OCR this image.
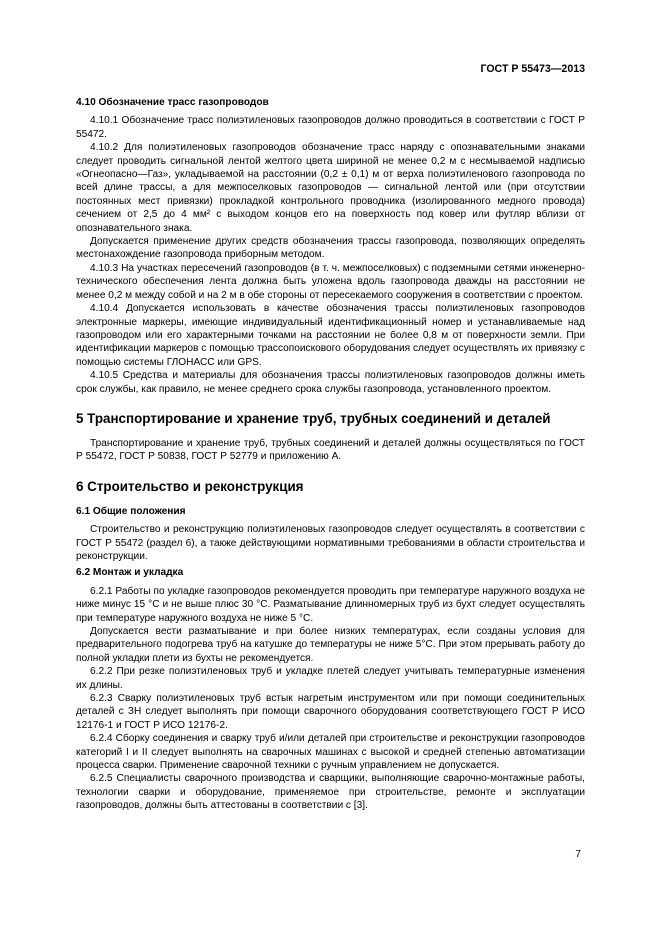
ГОСТ Р 55473—2013
4.10 Обозначение трасс газопроводов

4.10.1 Обозначение трасс полиэтиленовых газопроводов должно проводиться в соответствии с ГОСТ Р 55472.

4.10.2 Для полиэтиленовых газопроводов обозначение трасс наряду с опознавательными знаками следует проводить сигнальной лентой желтого цвета шириной не менее 0,2 м с несмываемой надписью «Огнеопасно—Газ», укладываемой на расстоянии (0,2 ± 0,1) м от верха полиэтиленового газопровода по всей длине трассы, а для межпоселковых газопроводов — сигнальной лентой или (при отсутствии постоянных мест привязки) прокладкой контрольного проводника (изолированного медного провода) сечением от 2,5 до 4 мм² с выходом концов его на поверхность под ковер или футляр вблизи от опознавательного знака.

Допускается применение других средств обозначения трассы газопровода, позволяющих определять местонахождение газопровода приборным методом.

4.10.3 На участках пересечений газопроводов (в т. ч. межпоселковых) с подземными сетями инженерно-технического обеспечения лента должна быть уложена вдоль газопровода дважды на расстоянии не менее 0,2 м между собой и на 2 м в обе стороны от пересекаемого сооружения в соответствии с проектом.

4.10.4 Допускается использовать в качестве обозначения трассы полиэтиленовых газопроводов электронные маркеры, имеющие индивидуальный идентификационный номер и устанавливаемые над газопроводом или его характерными точками на расстоянии не более 0,8 м от поверхности земли. При идентификации маркеров с помощью трассопоискового оборудования следует осуществлять их привязку с помощью системы ГЛОНАСС или GPS.

4.10.5 Средства и материалы для обозначения трассы полиэтиленовых газопроводов должны иметь срок службы, как правило, не менее среднего срока службы газопровода, установленного проектом.

5 Транспортирование и хранение труб, трубных соединений и деталей

Транспортирование и хранение труб, трубных соединений и деталей должны осуществляться по ГОСТ Р 55472, ГОСТ Р 50838, ГОСТ Р 52779 и приложению А.

6 Строительство и реконструкция
6.1 Общие положения

Строительство и реконструкцию полиэтиленовых газопроводов следует осуществлять в соответствии с ГОСТ Р 55472 (раздел 6), а также действующими нормативными требованиями в области строительства и реконструкции.

6.2 Монтаж и укладка

6.2.1 Работы по укладке газопроводов рекомендуется проводить при температуре наружного воздуха не ниже минус 15 °С и не выше плюс 30 °С. Разматывание длинномерных труб из бухт следует осуществлять при температуре наружного воздуха не ниже 5 °С.

Допускается вести разматывание и при более низких температурах, если созданы условия для предварительного подогрева труб на катушке до температуры не ниже 5°С. При этом прерывать работу до полной укладки плети из бухты не рекомендуется.

6.2.2 При резке полиэтиленовых труб и укладке плетей следует учитывать температурные изменения их длины.

6.2.3 Сварку полиэтиленовых труб встык нагретым инструментом или при помощи соединительных деталей с ЗН следует выполнять при помощи сварочного оборудования соответствующего ГОСТ Р ИСО 12176-1 и ГОСТ Р ИСО 12176-2.

6.2.4 Сборку соединения и сварку труб и/или деталей при строительстве и реконструкции газопроводов категорий I и II следует выполнять на сварочных машинах с высокой и средней степенью автоматизации процесса сварки. Применение сварочной техники с ручным управлением не допускается.

6.2.5 Специалисты сварочного производства и сварщики, выполняющие сварочно-монтажные работы, технологии сварки и оборудование, применяемое при строительстве, ремонте и эксплуатации газопроводов, должны быть аттестованы в соответствии с [3].

7
